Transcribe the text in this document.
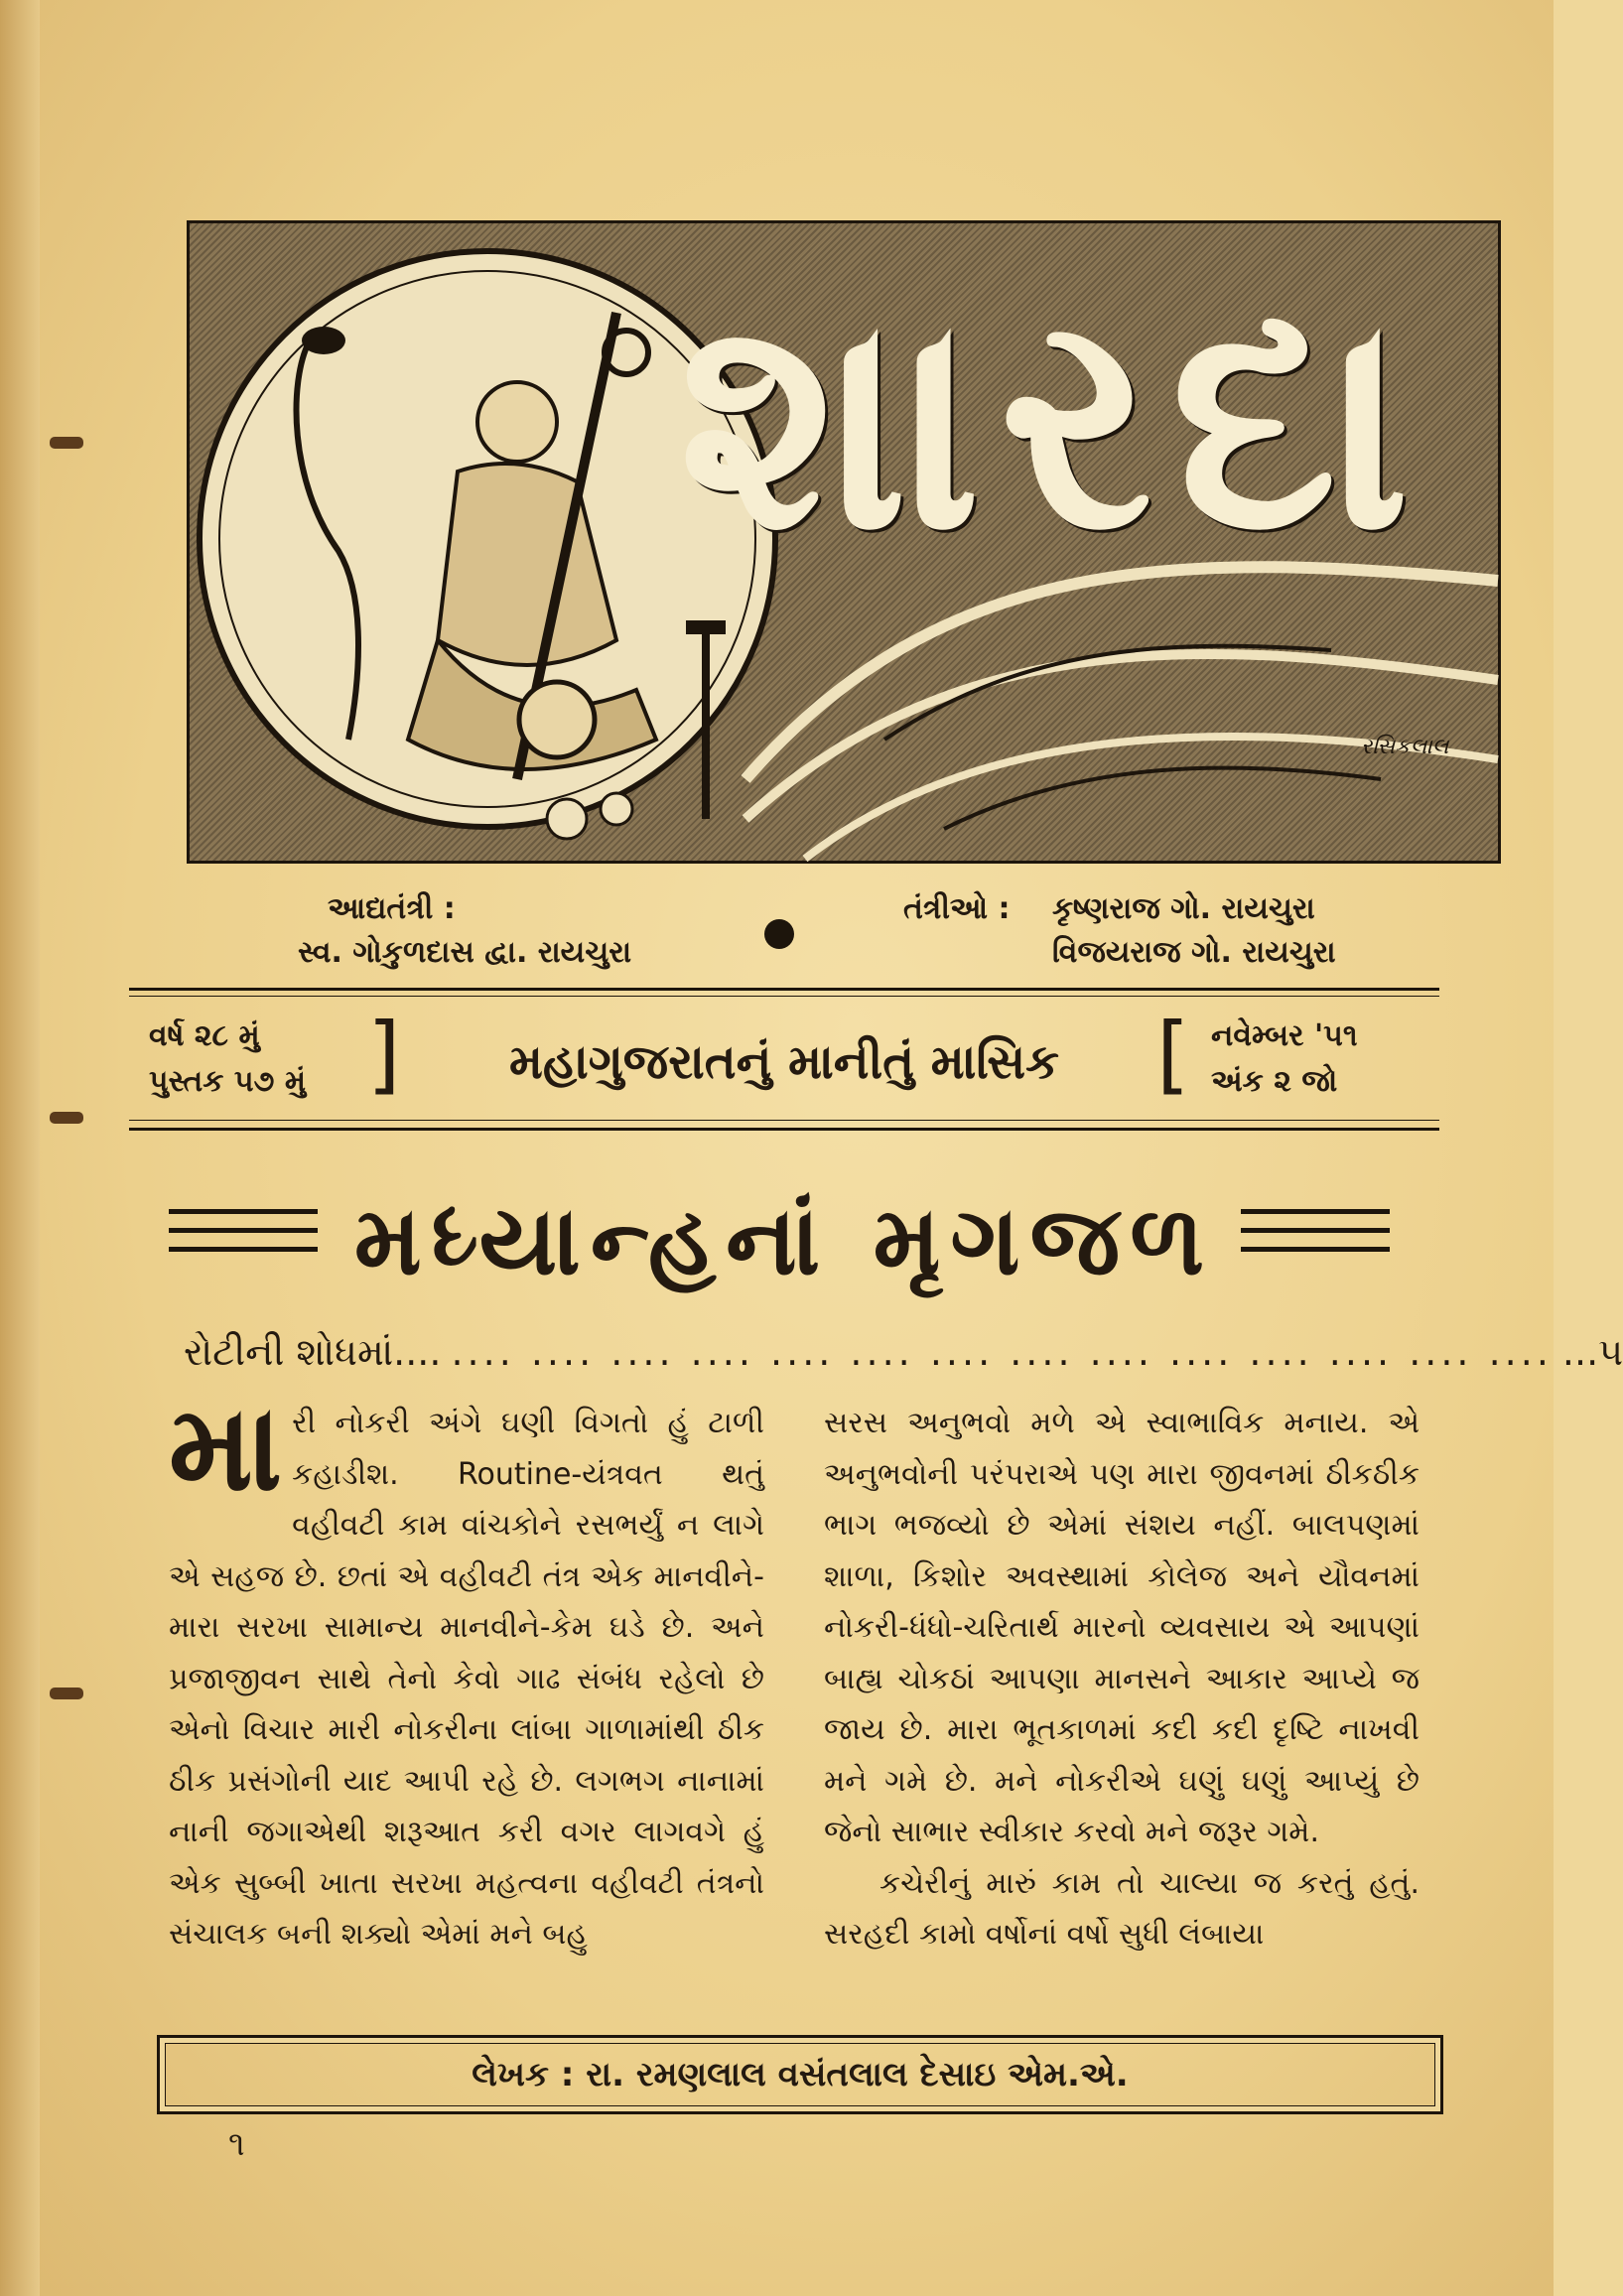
શારદા
રસિકલાલ
આદ્યતંત્રી :
સ્વ. ગોકુળદાસ દ્વા. રાયચુરા
તંત્રીઓ : કૃષ્ણરાજ ગો. રાયચુરા
વિજયરાજ ગો. રાયચુરા
વર્ષ ૨૮ મું
પુસ્તક ૫૭ મું ]	મહાગુજરાતનું માનીતું માસિક	[ નવેમ્બર '૫૧
અંક ૨ જો
મધ્યાન્હનાં મૃગજળ
રોટીની શોધમાં.... .... .... .... .... .... .... .... .... .... .... .... .... .... .... ...૫
મા રી નોકરી અંગે ઘણી વિગતો હું ટાળી કહાડીશ. Routine-યંત્રવત થતું વહીવટી કામ વાંચકોને રસભર્યું ન લાગે એ સહજ છે. છતાં એ વહીવટી તંત્ર એક માનવીને-મારા સરખા સામાન્ય માનવીને-કેમ ઘડે છે. અને પ્રજાજીવન સાથે તેનો કેવો ગાઢ સંબંધ રહેલો છે એનો વિચાર મારી નોકરીના લાંબા ગાળામાંથી ઠીક ઠીક પ્રસંગોની યાદ આપી રહે છે. લગભગ નાનામાં નાની જગાએથી શરૂઆત કરી વગર લાગવગે હું એક સુબ્બી ખાતા સરખા મહત્વના વહીવટી તંત્રનો સંચાલક બની શક્યો એમાં મને બહુ

સરસ અનુભવો મળે એ સ્વાભાવિક મનાય. એ અનુભવોની પરંપરાએ પણ મારા જીવનમાં ઠીકઠીક ભાગ ભજવ્યો છે એમાં સંશય નહીં. બાલપણમાં શાળા, કિશોર અવસ્થામાં કોલેજ અને યૌવનમાં નોકરી-ધંધો-ચરિતાર્થ મારનો વ્યવસાય એ આપણાં બાહ્ય ચોકઠાં આપણા માનસને આકાર આપ્યે જ જાય છે. મારા ભૂતકાળમાં કદી કદી દૃષ્ટિ નાખવી મને ગમે છે. મને નોકરીએ ઘણું ઘણું આપ્યું છે જેનો સાભાર સ્વીકાર કરવો મને જરૂર ગમે.

કચેરીનું મારું કામ તો ચાલ્યા જ કરતું હતું. સરહદી કામો વર્ષોનાં વર્ષો સુધી લંબાયા

લેખક : રા. રમણલાલ વસંતલાલ દેસાઇ એમ.એ.
૧
